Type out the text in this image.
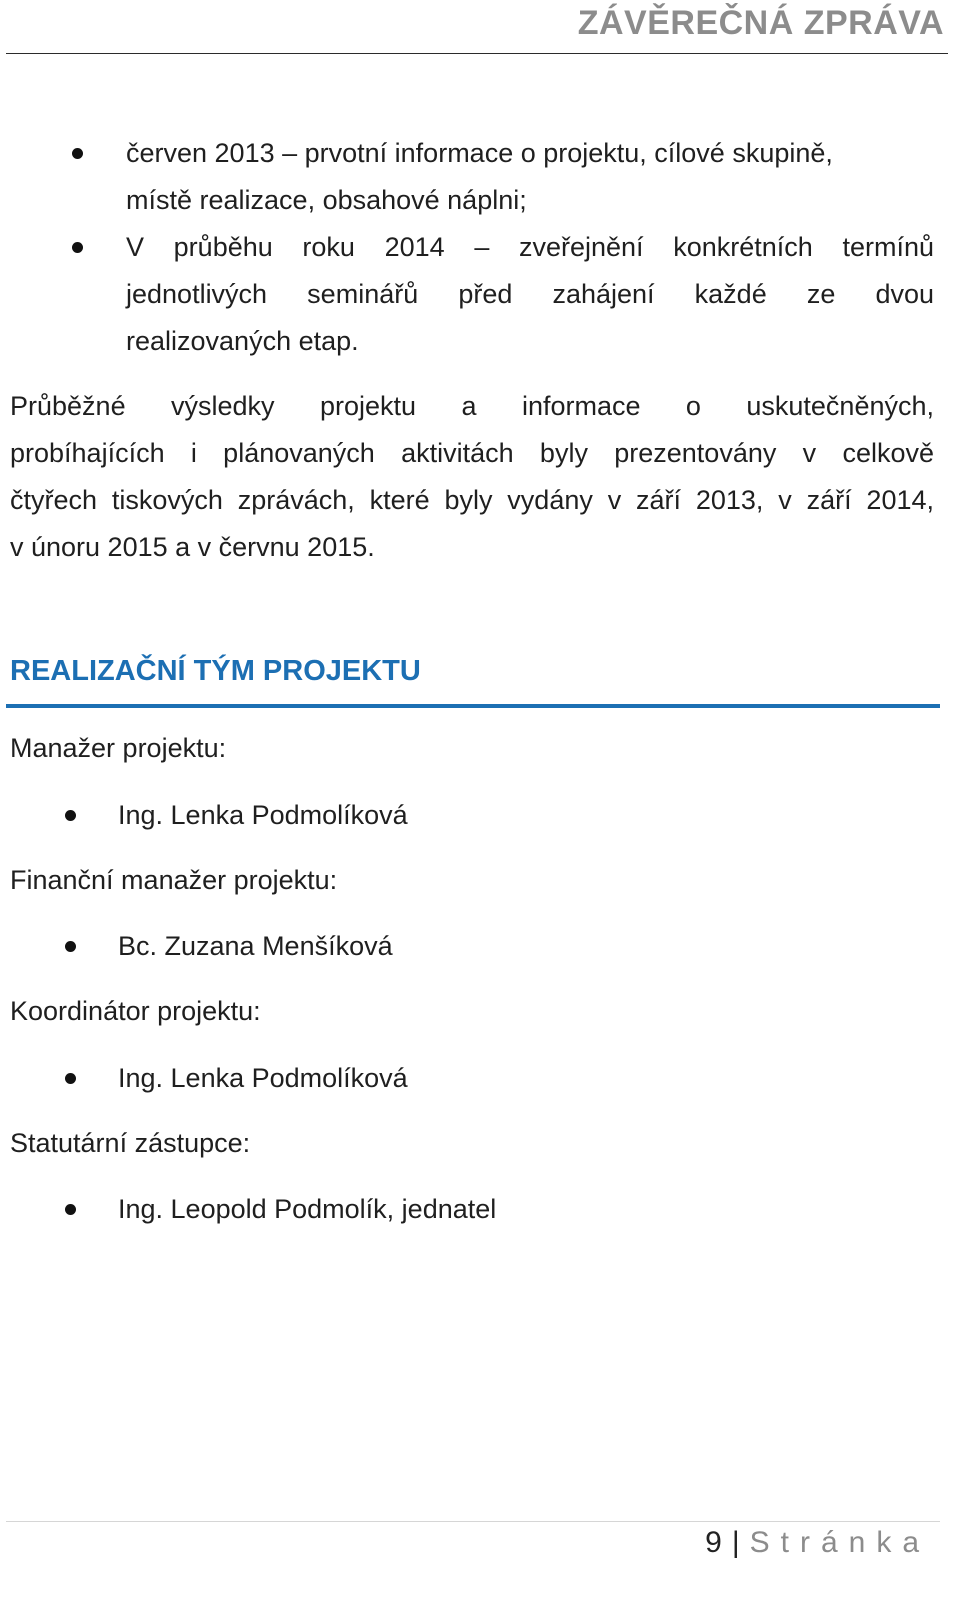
ZÁVĚREČNÁ ZPRÁVA
červen 2013 – prvotní informace o projektu, cílové skupině,
místě realizace, obsahové náplni;
V průběhu roku 2014 – zveřejnění konkrétních termínů
jednotlivých seminářů před zahájení každé ze dvou
realizovaných etap.
Průběžné výsledky projektu a informace o uskutečněných,
probíhajících i plánovaných aktivitách byly prezentovány v celkově
čtyřech tiskových zprávách, které byly vydány v září 2013, v září 2014,
v únoru 2015 a v červnu 2015.
REALIZAČNÍ TÝM PROJEKTU
Manažer projektu:
Ing. Lenka Podmolíková
Finanční manažer projektu:
Bc. Zuzana Menšíková
Koordinátor projektu:
Ing. Lenka Podmolíková
Statutární zástupce:
Ing. Leopold Podmolík, jednatel
9 | Stránka
